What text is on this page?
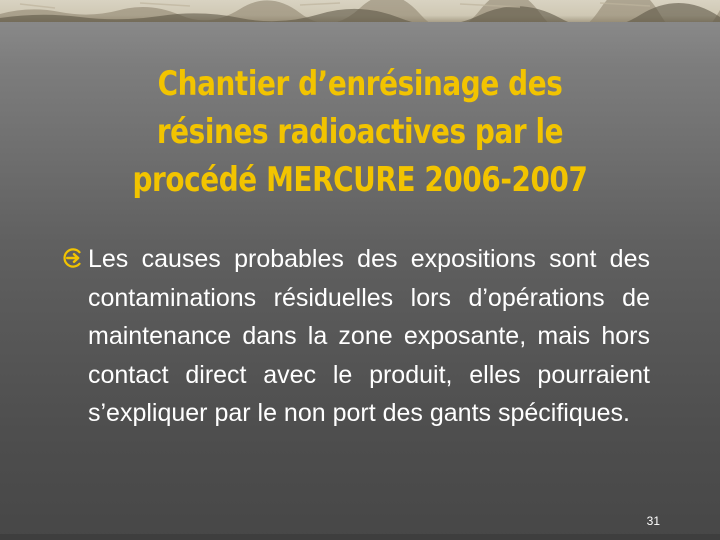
Chantier d’enrésinage des résines radioactives par le procédé MERCURE 2006-2007
Les causes probables des expositions sont des contaminations résiduelles lors d’opérations de maintenance dans la zone exposante, mais hors contact direct avec le produit, elles pourraient s’expliquer par le non port des gants spécifiques.
31
